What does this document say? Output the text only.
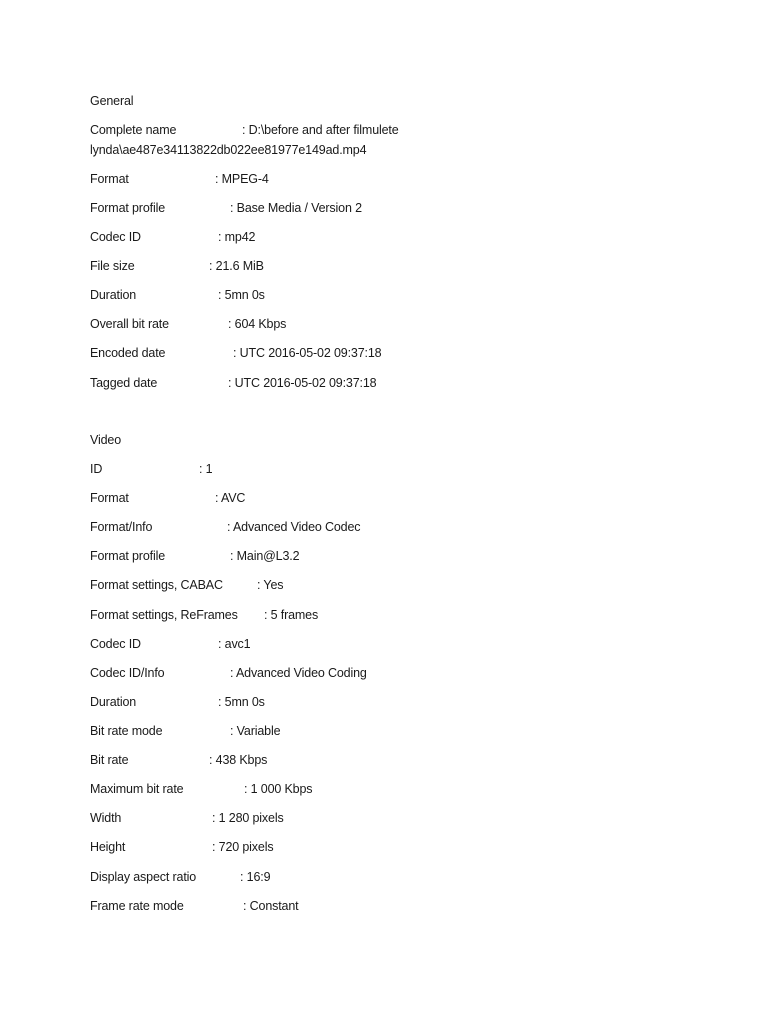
General
Complete name	: D:\before and after filmulete
lynda\ae487e34113822db022ee81977e149ad.mp4
Format	: MPEG-4
Format profile	: Base Media / Version 2
Codec ID	: mp42
File size	: 21.6 MiB
Duration	: 5mn 0s
Overall bit rate	: 604 Kbps
Encoded date	: UTC 2016-05-02 09:37:18
Tagged date	: UTC 2016-05-02 09:37:18
Video
ID	: 1
Format	: AVC
Format/Info	: Advanced Video Codec
Format profile	: Main@L3.2
Format settings, CABAC	: Yes
Format settings, ReFrames : 5 frames
Codec ID	: avc1
Codec ID/Info	: Advanced Video Coding
Duration	: 5mn 0s
Bit rate mode	: Variable
Bit rate	: 438 Kbps
Maximum bit rate	: 1 000 Kbps
Width	: 1 280 pixels
Height	: 720 pixels
Display aspect ratio	: 16:9
Frame rate mode	: Constant
